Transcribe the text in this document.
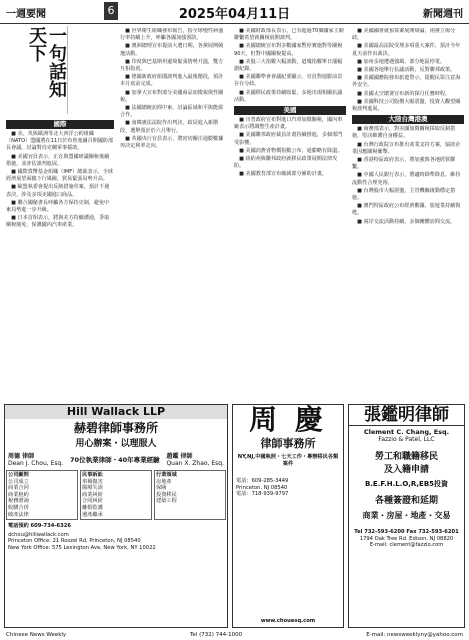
一週要聞	6	2025年04月11日	新聞週刊
一句話知天下
國際

■ 美、英與歐洲等北大西洋公約組織（NATO）盟國將在11日於布魯塞爾召開國防部長會議，討論對烏克蘭軍事援助。

■ 美國官員表示，正在與盟國研議關稅後續措施，並評估談判進展。

■ 國際貨幣基金組織（IMF）總裁表示，全球經濟展望面臨下行風險，貿易緊張局勢升高。

■ 歐盟執委會提出反制措施草案，預計下週表決，涉及多項美國進口商品。

■ 聯合國秘書長呼籲各方保持克制，避免中東局勢進一步升級。

■ 日本首相表示，將與美方持續溝通，爭取關稅豁免，保護國內汽車產業。

■ 世界衛生組織發布報告，指全球慢性病盛行率持續上升，呼籲各國加強預防。

■ 澳洲總理宣布提前大選日期，各黨展開競選活動。

■ 印度與巴基斯坦邊境緊張情勢升溫，雙方互相指責。

■ 德國新政府組閣談判進入最後階段，預計本月底前完成。

■ 加拿大宣布對部分美國商品加徵報復性關稅。

■ 法國總統訪問中東，討論區域和平與能源合作。

■ 南韓憲法法院作出判決，政局進入新階段，選舉預計於六月舉行。

■ 英國央行官員表示，將密切關注通膨數據再決定利率走向。

■ 美國財政部長表示，已有超過70個國家主動聯繫希望就關稅展開談判。

■ 美國總統宣布對多數國家暫停實施對等關稅90天，但對中國關稅提高。

■ 美股三大指數大幅波動，道瓊指數單日漲幅創紀錄。

■ 美國聯準會會議紀要顯示，官員對通膨前景存在分歧。

■ 美國移民政策持續收緊，多地出現相關抗議活動。

美國

■ 川普政府宣布對進口汽車加徵關稅，國內車廠表示將調整生產計畫。

■ 美國聯邦政府裁員計畫持續推進，多個部門受影響。

■ 美國消費者物價指數公布，通膨略有降溫。

■ 紐約州與聯邦政府就移民政策展開法律攻防。

■ 美國教育部宣布縮減部分補助計畫。

■ 美國國會就預算案展開辯論，兩黨立場分歧。

■ 美國最高法院受理多項重大案件，預計今年夏天前作出裁決。

■ 加州多地遭遇強風，部分地區停電。

■ 美國各地舉行抗議活動，反對聯邦政策。

■ 美國國務院發布旅遊警示，提醒民眾注意海外安全。

■ 美國太空總署宣布新的探月任務時程。

■ 美國科技公司股價大幅震盪，投資人觀望關稅談判進展。

大陸台灣港澳

■ 商務部表示，對美國加徵關稅採取反制措施，堅決維護自身權益。

■ 台灣行政院宣布推出產業支持方案，協助企業因應關稅衝擊。

■ 香港特區政府表示，將加強與各地經貿聯繫。

■ 中國人民銀行表示，將適時降準降息，維持流動性合理充裕。

■ 台灣股市大幅震盪，主管機關啟動穩定措施。

■ 澳門特區政府公布經濟數據，旅遊業持續復甦。

■ 兩岸交流活動持續，多個團體訪問交流。

Hill Wallack LLP
赫碧律師事務所
用心辦案・以理服人
周德 律師
Dean J. Chou, Esq. 70位執業律師・40年專業經驗 趙鑑 律師
Quan X. Zhao, Esq.
公司顧問
公司成立
商業合同
商業租約
稅務諮詢
收購合併
破產法律
民事訴訟
車禍傷害
醫療失誤
商業糾紛
合同糾紛
離婚監護
遺產繼承
行業領域
房地產
保險
投資移民
建築工程
電話預約 609-734-6326
dchou@hillwallack.com
Princeton Office: 21 Roszel Rd, Princeton, NJ 08540
New York Office: 575 Lexington Ave, New York, NY 10022
周 慶
律師事務所
NY,NJ,中國執照・七天工作・專辦移民各類案件
電話：609-285-3449
Princeton, NJ 08540
電話：718-939-9797
www.chouesq.com
張鑑明律師
Clement C. Chang, Esq.
Fazzio & Patel, LLC
勞工和職籍移民
及入籍申請
B.E.F.H.L.O,R,EB5投資
各種簽證和延期
商業・房屋・地產・交易
Tel 732-593-6200 Fax 732-593-6201
1794 Oak Tree Rd. Edison, NJ 08820
E-mail: clement@fazzio.com
Chinese News Weekly	Tel (732) 744-1000	E-mail: newsweeklyny@yahoo.com
